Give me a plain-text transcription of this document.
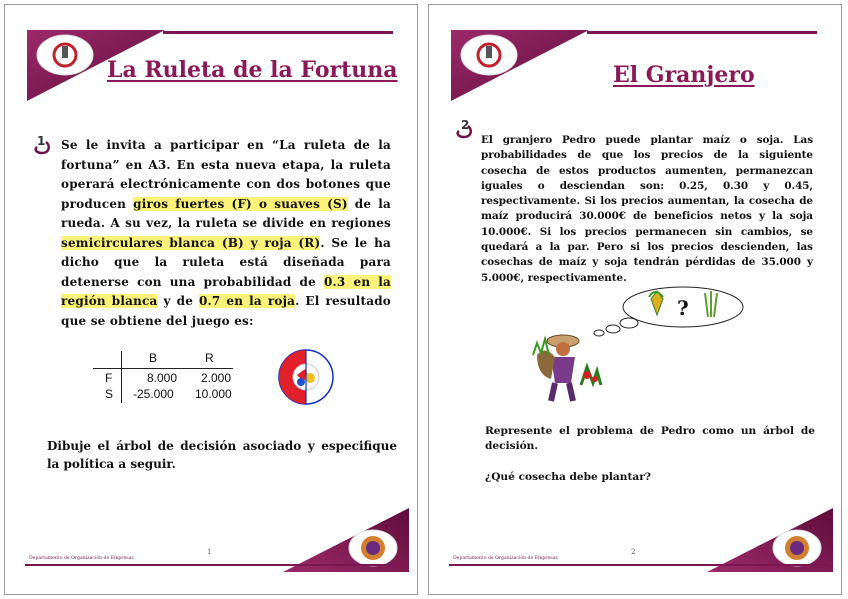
La Ruleta de la Fortuna
1 Se le invita a participar en “La ruleta de la fortuna” en A3. En esta nueva etapa, la ruleta operará electrónicamente con dos botones que producen giros fuertes (F) o suaves (S) de la rueda. A su vez, la ruleta se divide en regiones semicirculares blanca (B) y roja (R). Se le ha dicho que la ruleta está diseñada para detenerse con una probabilidad de 0.3 en la región blanca y de 0.7 en la roja. El resultado que se obtiene del juego es:
B	R
F	8.000 2.000
S -25.000 10.000
Dibuje el árbol de decisión asociado y especifique la política a seguir.
Departamento de Organización de Empresas
1
El Granjero
2
El granjero Pedro puede plantar maíz o soja. Las probabilidades de que los precios de la siguiente cosecha de estos productos aumenten, permanezcan iguales o desciendan son: 0.25, 0.30 y 0.45, respectivamente. Si los precios aumentan, la cosecha de maíz producirá 30.000€ de beneficios netos y la soja 10.000€. Si los precios permanecen sin cambios, se quedará a la par. Pero si los precios descienden, las cosechas de maíz y soja tendrán pérdidas de 35.000 y 5.000€, respectivamente.
?
Represente el problema de Pedro como un árbol de decisión.
¿Qué cosecha debe plantar?
Departamento de Organización de Empresas
2
